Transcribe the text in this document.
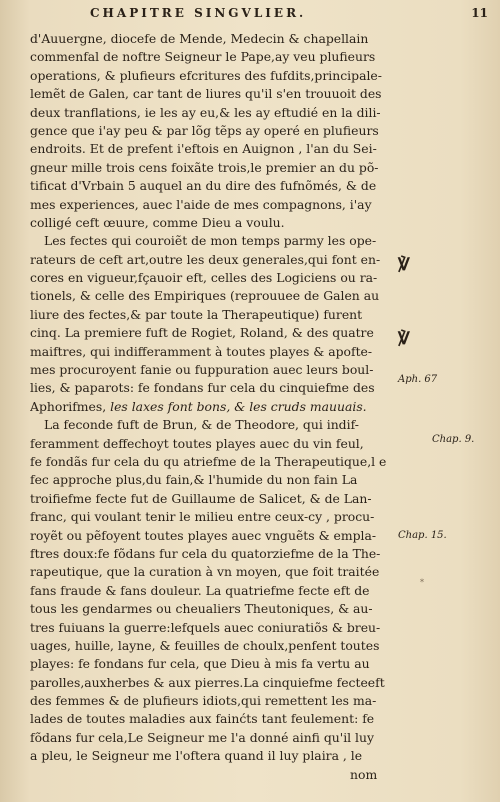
CHAPITRE SINGVLIER.	11
d'Auuergne, diocefe de Mende, Medecin & chapellain
commenfal de noftre Seigneur le Pape,ay veu plufieurs
operations, & plufieurs efcritures des fufdits,principale-
lemẽt de Galen, car tant de liures qu'il s'en trouuoit des
deux tranflations, ie les ay eu,& les ay eftudié en la dili-
gence que i'ay peu & par lõg tẽps ay operé en plufieurs
endroits. Et de prefent i'eftois en Auignon , l'an du Sei-
gneur mille trois cens foixãte trois,le premier an du põ-
tificat d'Vrbain 5 auquel an du dire des fufnõmés, & de
mes experiences, auec l'aide de mes compagnons, i'ay
colligé ceft œuure, comme Dieu a voulu.
Les fectes qui couroiẽt de mon temps parmy les ope-
rateurs de ceft art,outre les deux generales,qui font en-
cores en vigueur,fçauoir eft, celles des Logiciens ou ra-
tionels, & celle des Empiriques (reprouuee de Galen au
liure des fectes,& par toute la Therapeutique) furent
cinq. La premiere fuft de Rogiet, Roland, & des quatre
maiftres, qui indifferamment à toutes playes & apofte-
mes procuroyent fanie ou fuppuration auec leurs boul-
lies, & paparots: fe fondans fur cela du cinquiefme des
Aphorifmes, les laxes font bons, & les cruds mauuais.
La feconde fuft de Brun, & de Theodore, qui indif-
feramment deffechoyt toutes playes auec du vin feul,
fe fondãs fur cela du qu atriefme de la Therapeutique,l e
fec approche plus,du fain,& l'humide du non fain La
troifiefme fecte fut de Guillaume de Salicet, & de Lan-
franc, qui voulant tenir le milieu entre ceux-cy , procu-
royẽt ou pẽfoyent toutes playes auec vnguẽts & empla-
ftres doux:fe fõdans fur cela du quatorziefme de la The-
rapeutique, que la curation à vn moyen, que foit traitée
fans fraude & fans douleur. La quatriefme fecte eft de
tous les gendarmes ou cheualiers Theutoniques, & au-
tres fuiuans la guerre:lefquels auec coniuratiõs & breu-
uages, huille, layne, & feuilles de choulx,penfent toutes
playes: fe fondans fur cela, que Dieu à mis fa vertu au
parolles,auxherbes & aux pierres.La cinquiefme fecteeft
des femmes & de plufieurs idiots,qui remettent les ma-
lades de toutes maladies aux fainćts tant feulement: fe
fõdans fur cela,Le Seigneur me l'a donné ainfi qu'il luy
a pleu, le Seigneur me l'oftera quand il luy plaira , le
nom
℣
℣
Aph. 67
Chap. 9.
Chap. 15.
*
